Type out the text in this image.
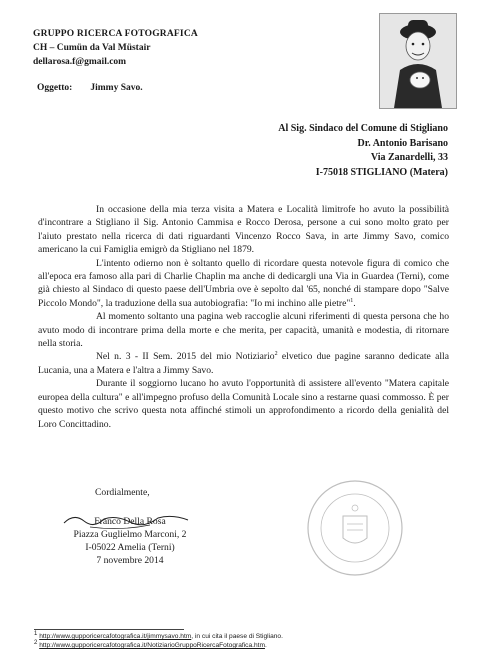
GRUPPO RICERCA FOTOGRAFICA
CH – Cumün da Val Müstair
dellarosa.f@gmail.com
Oggetto: Jimmy Savo.
Al Sig. Sindaco del Comune di Stigliano
Dr. Antonio Barisano
Via Zanardelli, 33
I-75018 STIGLIANO (Matera)

In occasione della mia terza visita a Matera e Località limitrofe ho avuto la possibilità d'incontrare a Stigliano il Sig. Antonio Cammisa e Rocco Derosa, persone a cui sono molto grato per l'aiuto prestato nella ricerca di dati riguardanti Vincenzo Rocco Sava, in arte Jimmy Savo, comico americano la cui Famiglia emigrò da Stigliano nel 1879.

L'intento odierno non è soltanto quello di ricordare questa notevole figura di comico che all'epoca era famoso alla pari di Charlie Chaplin ma anche di dedicargli una Via in Guardea (Terni), come già chiesto al Sindaco di questo paese dell'Umbria ove è sepolto dal '65, nonché di stampare dopo "Salve Piccolo Mondo", la traduzione della sua autobiografia: "Io mi inchino alle pietre"$^1$.

Al momento soltanto una pagina web raccoglie alcuni riferimenti di questa persona che ho avuto modo di incontrare prima della morte e che merita, per capacità, umanità e modestia, di ritornare nella storia.

Nel n. 3 - II Sem. 2015 del mio Notiziario$^2$ elvetico due pagine saranno dedicate alla Lucania, una a Matera e l'altra a Jimmy Savo.

Durante il soggiorno lucano ho avuto l'opportunità di assistere all'evento "Matera capitale europea della cultura" e all'impegno profuso della Comunità Locale sino a restarne quasi commosso. È per questo motivo che scrivo questa nota affinché stimoli un approfondimento a ricordo della genialità del Loro Concittadino.

Cordialmente,
Franco Della Rosa
Piazza Guglielmo Marconi, 2
I-05022 Amelia (Terni)
7 novembre 2014
1 http://www.gupporicercafotografica.it/jimmysavo.htm, in cui cita il paese di Stigliano.
2 http://www.gupporicercafotografica.it/NotiziarioGruppoRicercaFotografica.htm.
